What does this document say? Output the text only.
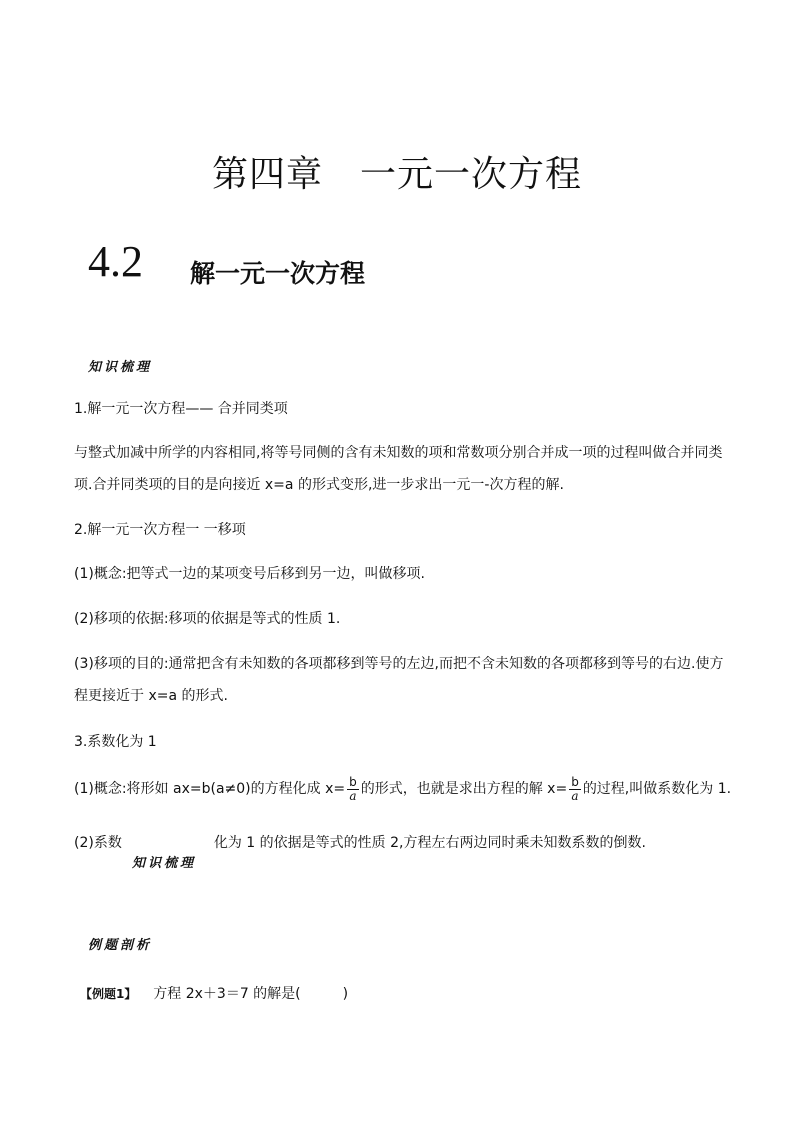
第四章　一元一次方程
4.2 解一元一次方程
知识梳理
1.解一元一次方程—— 合并同类项
与整式加减中所学的内容相同,将等号同侧的含有未知数的项和常数项分别合并成一项的过程叫做合并同类
项.合并同类项的目的是向接近 x=a 的形式变形,进一步求出一元一-次方程的解.
2.解一元一次方程一 一移项
(1)概念:把等式一边的某项变号后移到另一边，叫做移项.
(2)移项的依据:移项的依据是等式的性质 1.
(3)移项的目的:通常把含有未知数的各项都移到等号的左边,而把不含未知数的各项都移到等号的右边.使方
程更接近于 x=a 的形式.
3.系数化为 1
(1)概念:将形如 ax=b(a≠0)的方程化成 $x= \frac{b}{a}$ 的形式，也就是求出方程的解 $x= \frac{b}{a}$ 的过程,叫做系数化为 1.
(2)系数	化为 1 的依据是等式的性质 2,方程左右两边同时乘未知数系数的倒数.
知识梳理
例题剖析
【例题1】 方程 2x＋3＝7 的解是(　　　)
